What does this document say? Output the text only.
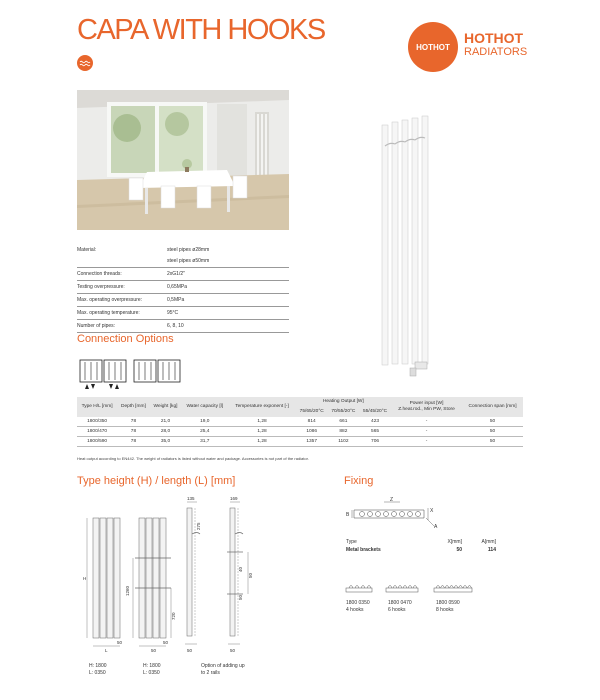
CAPA WITH HOOKS
HOTHOT
HOTHOT
RADIATORS
Material:	steel pipes ø28mm
steel pipes ø50mm

Connection threads:	2xG1/2"
Testing overpressure:	0,65MPa
Max. operating overpressure:	0,5MPa
Max. operating temperature:	95°C
Number of pipes:	6, 8, 10
Connection Options
Type H/L [mm]	Depth [mm]	Weight [kg]	Water capacity [l]	Temperature exponent [-]	Heating Output [W]			Power input [W]
Z.heat.rod., Min PW, Store	Connection span [mm]
					75/65/20°C	70/55/20°C	55/45/20°C		
1800/350	78	21,0	19,0	1,28	814	661	423	-	50
1800/470	78	28,0	25,4	1,28	1086	882	565	-	50
1800/590	78	35,0	31,7	1,28	1357	1102	706	-	50
Heat output according to EN442. The weight of radiators is listed without water and package. Accessories is not part of the radiator.
Type height (H) / length (L) [mm]
H
1260
720
50	50
L	50
135	169
275
40
50
50	50
50
H: 1800
L: 0350
H: 1800
L: 0350
Option of adding up
to 2 rails
Fixing
Z
B
X
A
Type	X[mm]	A[mm]
Metal brackets	50	114
1800 0350
4 hooks
1800 0470
6 hooks
1800 0590
8 hooks
